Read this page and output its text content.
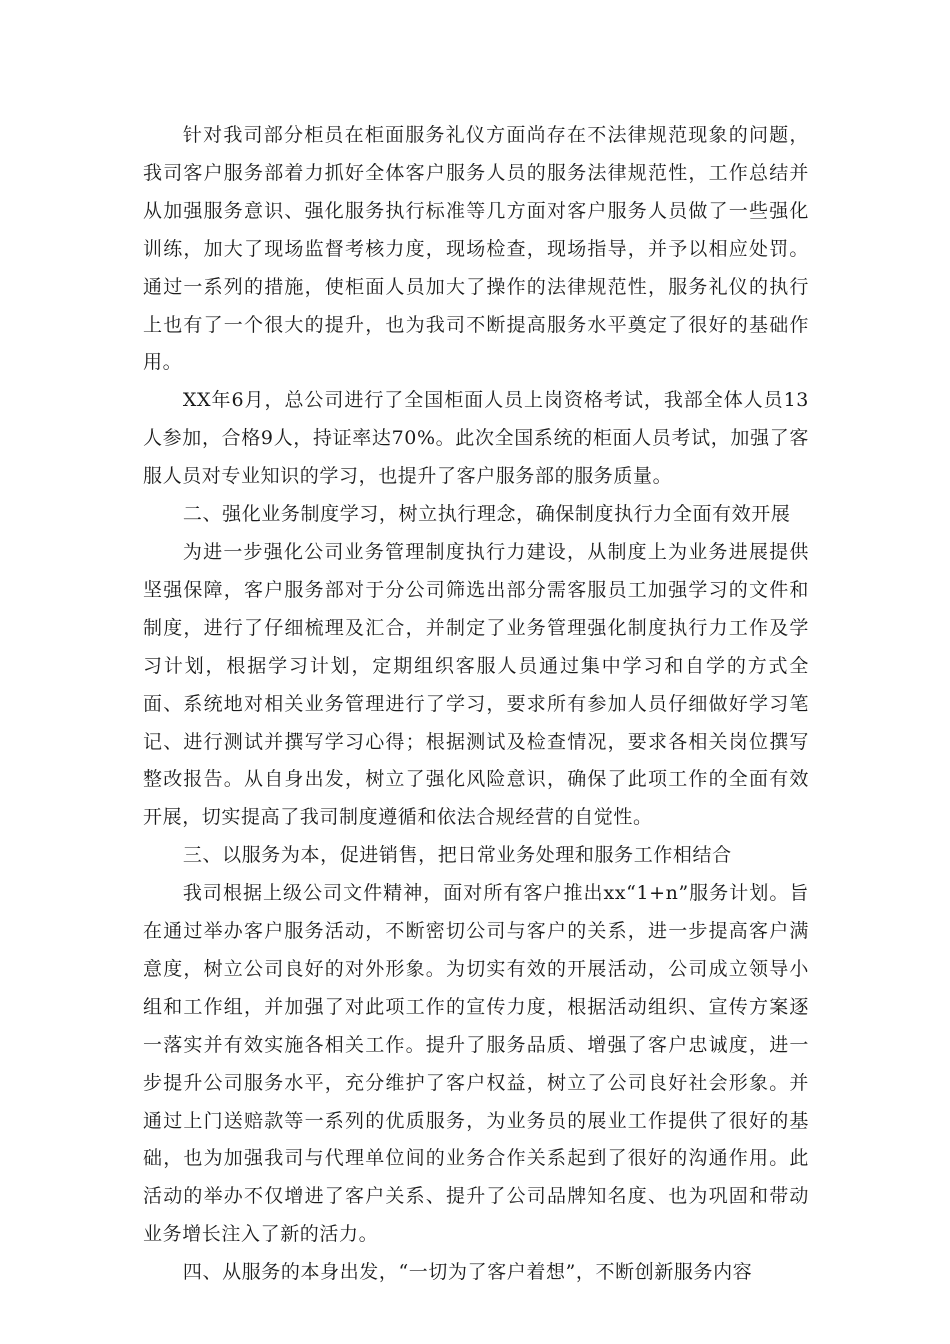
针对我司部分柜员在柜面服务礼仪方面尚存在不法律规范现象的问题，我司客户服务部着力抓好全体客户服务人员的服务法律规范性，工作总结并从加强服务意识、强化服务执行标准等几方面对客户服务人员做了一些强化训练，加大了现场监督考核力度，现场检查，现场指导，并予以相应处罚。通过一系列的措施，使柜面人员加大了操作的法律规范性，服务礼仪的执行上也有了一个很大的提升，也为我司不断提高服务水平奠定了很好的基础作用。

XX年6月，总公司进行了全国柜面人员上岗资格考试，我部全体人员13人参加，合格9人，持证率达70%。此次全国系统的柜面人员考试，加强了客服人员对专业知识的学习，也提升了客户服务部的服务质量。

二、强化业务制度学习，树立执行理念，确保制度执行力全面有效开展

为进一步强化公司业务管理制度执行力建设，从制度上为业务进展提供坚强保障，客户服务部对于分公司筛选出部分需客服员工加强学习的文件和制度，进行了仔细梳理及汇合，并制定了业务管理强化制度执行力工作及学习计划，根据学习计划，定期组织客服人员通过集中学习和自学的方式全面、系统地对相关业务管理进行了学习，要求所有参加人员仔细做好学习笔记、进行测试并撰写学习心得；根据测试及检查情况，要求各相关岗位撰写整改报告。从自身出发，树立了强化风险意识，确保了此项工作的全面有效开展，切实提高了我司制度遵循和依法合规经营的自觉性。

三、以服务为本，促进销售，把日常业务处理和服务工作相结合

我司根据上级公司文件精神，面对所有客户推出xx“1+n”服务计划。旨在通过举办客户服务活动，不断密切公司与客户的关系，进一步提高客户满意度，树立公司良好的对外形象。为切实有效的开展活动，公司成立领导小组和工作组，并加强了对此项工作的宣传力度，根据活动组织、宣传方案逐一落实并有效实施各相关工作。提升了服务品质、增强了客户忠诚度，进一步提升公司服务水平，充分维护了客户权益，树立了公司良好社会形象。并通过上门送赔款等一系列的优质服务，为业务员的展业工作提供了很好的基础，也为加强我司与代理单位间的业务合作关系起到了很好的沟通作用。此活动的举办不仅增进了客户关系、提升了公司品牌知名度、也为巩固和带动业务增长注入了新的活力。

四、从服务的本身出发，“一切为了客户着想”，不断创新服务内容
